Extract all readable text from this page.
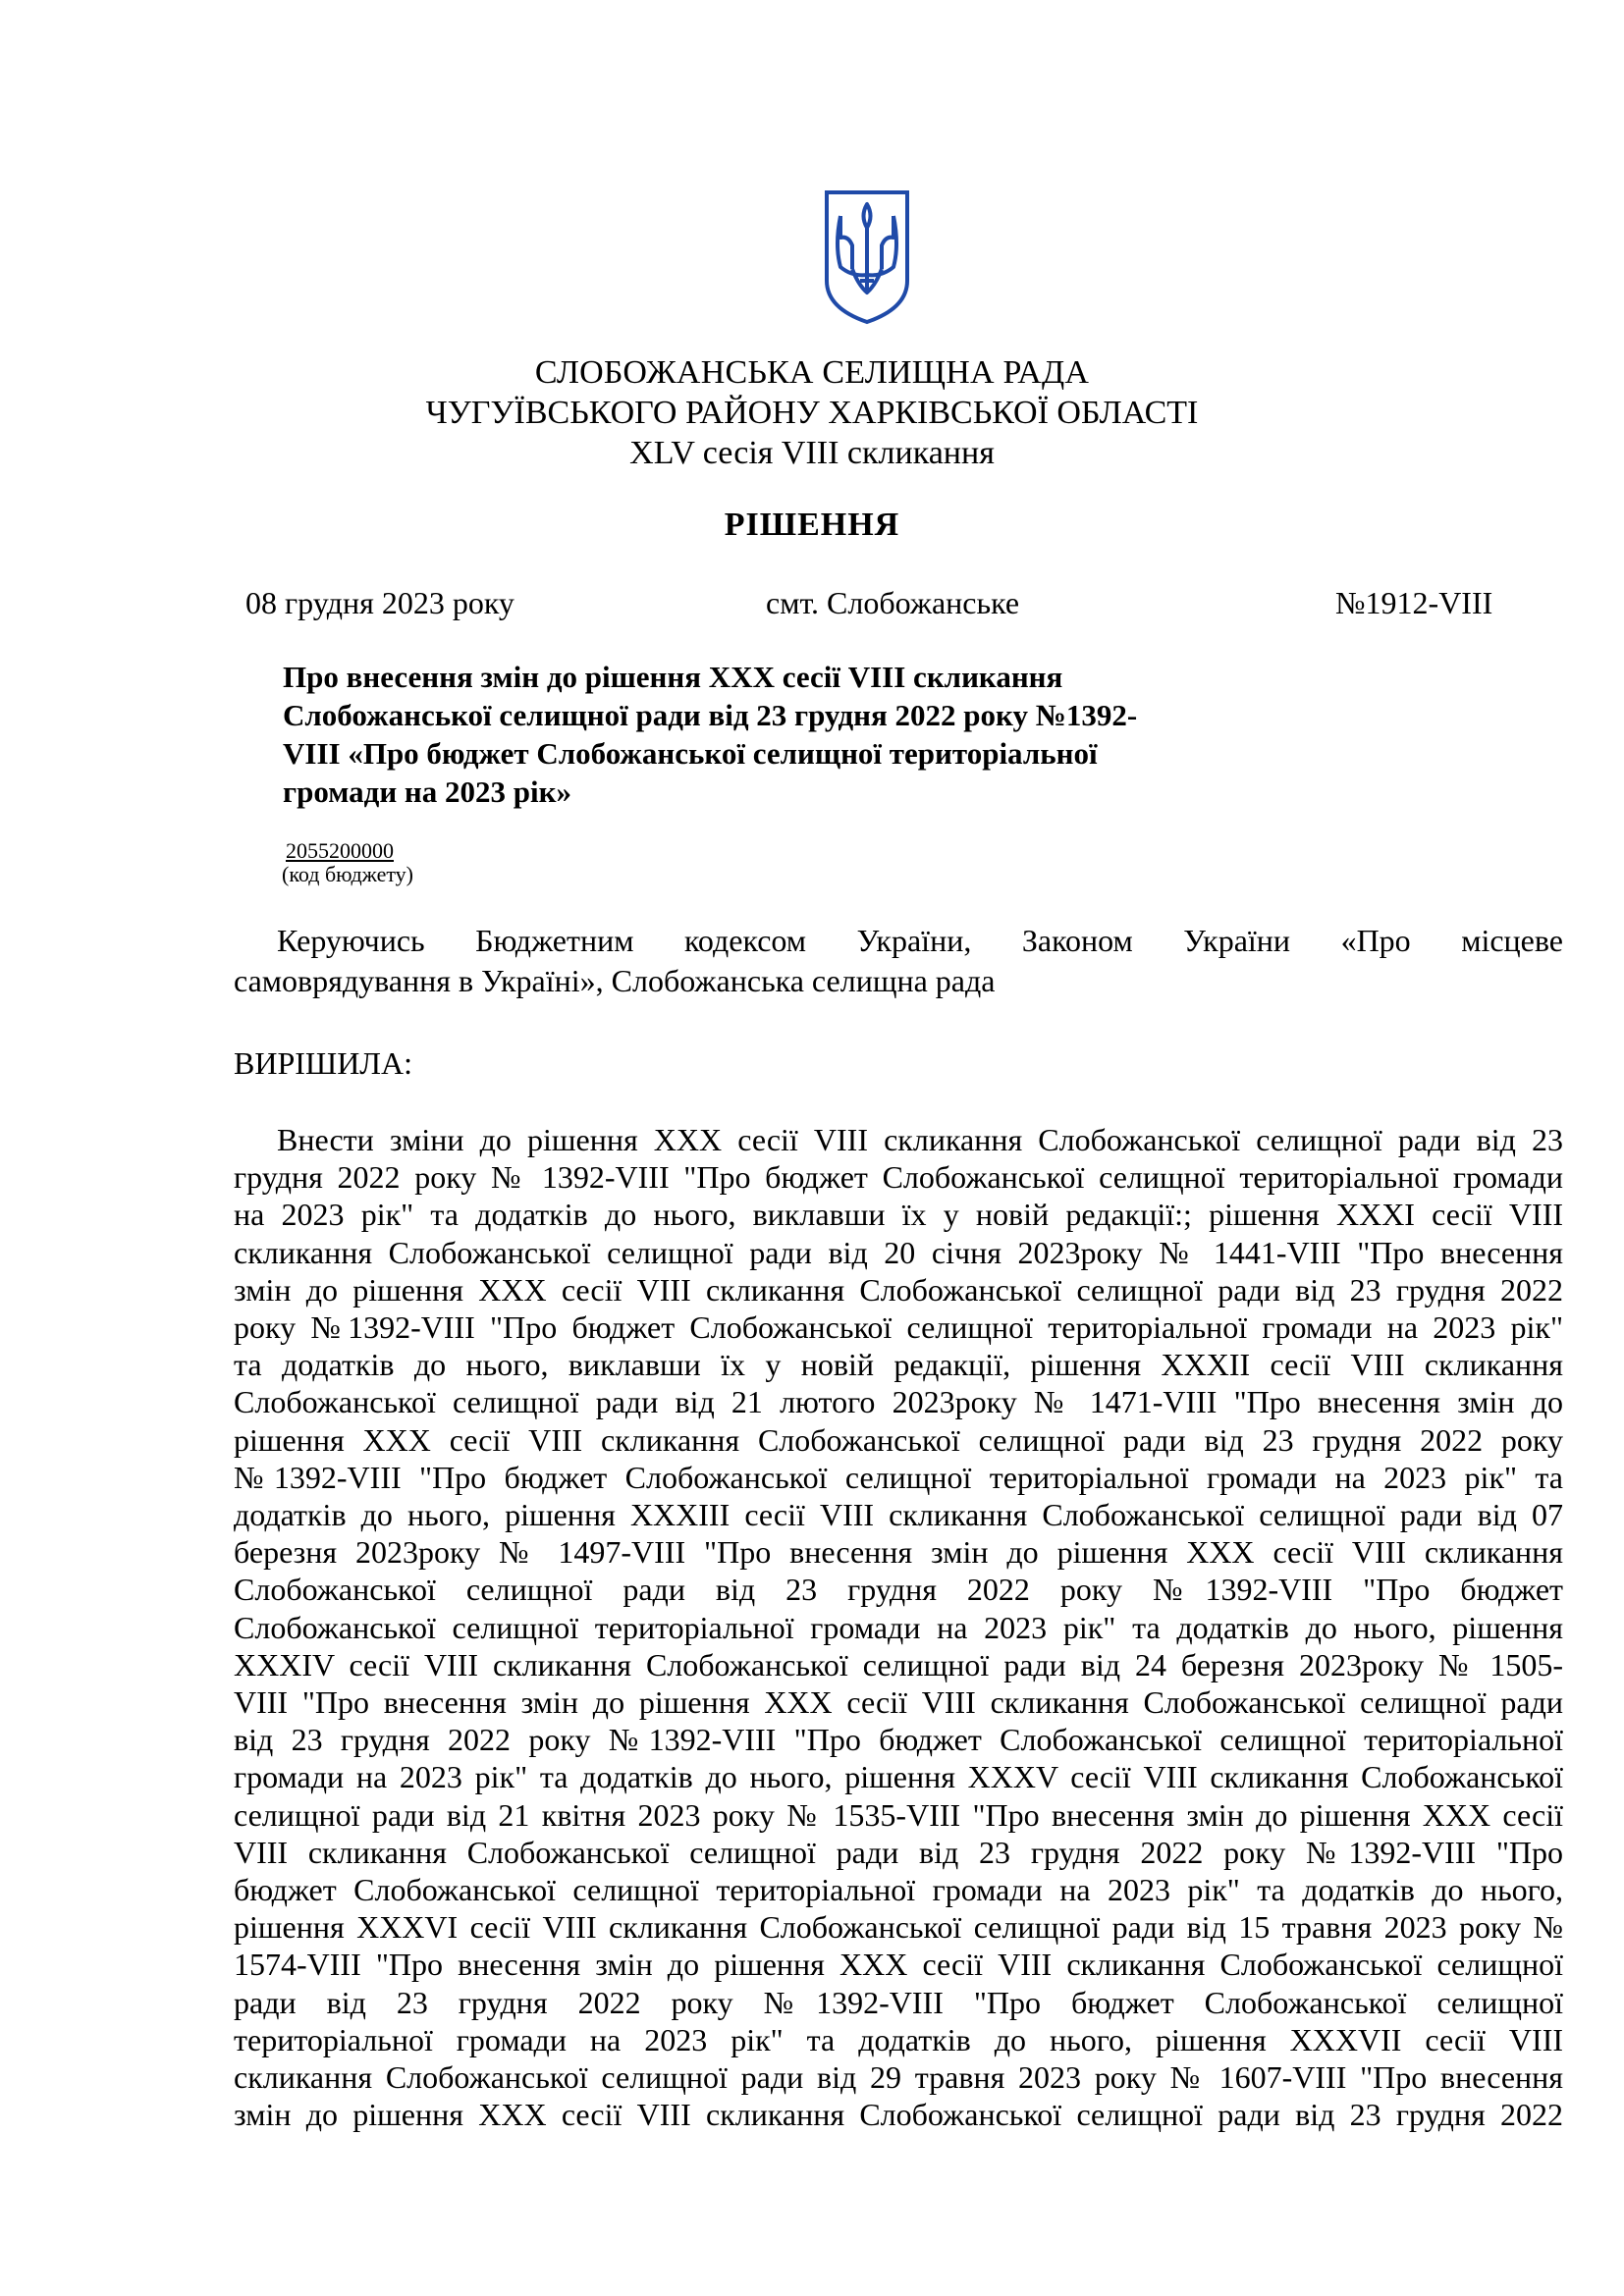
СЛОБОЖАНСЬКА СЕЛИЩНА РАДА
ЧУГУЇВСЬКОГО РАЙОНУ ХАРКІВСЬКОЇ ОБЛАСТІ
XLV сесія VIII скликання
РІШЕННЯ
08 грудня 2023 року	смт. Слобожанське	№1912-VIII
Про внесення змін до рішення ХХХ сесії VIII скликання
Слобожанської селищної ради від 23 грудня 2022 року №1392-
VIII «Про бюджет Слобожанської селищної територіальної
громади на 2023 рік»
2055200000
(код бюджету)
Керуючись Бюджетним кодексом України, Законом України «Про місцеве
самоврядування в Україні», Слобожанська селищна рада
ВИРІШИЛА:
Внести зміни до рішення ХХХ сесії VIII скликання Слобожанської селищної ради від 23
грудня 2022 року № 1392-VIII "Про бюджет Слобожанської селищної територіальної громади
на 2023 рік" та додатків до нього, виклавши їх у новій редакції:; рішення XXXI сесії VIII
скликання Слобожанської селищної ради від 20 січня 2023року № 1441-VIII "Про внесення
змін до рішення ХХХ сесії VIII скликання Слобожанської селищної ради від 23 грудня 2022
року №1392-VIII "Про бюджет Слобожанської селищної територіальної громади на 2023 рік"
та додатків до нього, виклавши їх у новій редакції, рішення XXXII сесії VIII скликання
Слобожанської селищної ради від 21 лютого 2023року № 1471-VIII "Про внесення змін до
рішення ХХХ сесії VIII скликання Слобожанської селищної ради від 23 грудня 2022 року
№1392-VIII "Про бюджет Слобожанської селищної територіальної громади на 2023 рік" та
додатків до нього, рішення XXXIII сесії VIII скликання Слобожанської селищної ради від 07
березня 2023року № 1497-VIII "Про внесення змін до рішення ХХХ сесії VIII скликання
Слобожанської селищної ради від 23 грудня 2022 року №1392-VIII "Про бюджет
Слобожанської селищної територіальної громади на 2023 рік" та додатків до нього, рішення
XXXIV сесії VIII скликання Слобожанської селищної ради від 24 березня 2023року № 1505-
VIII "Про внесення змін до рішення ХХХ сесії VIII скликання Слобожанської селищної ради
від 23 грудня 2022 року №1392-VIII "Про бюджет Слобожанської селищної територіальної
громади на 2023 рік" та додатків до нього, рішення XXXV сесії VIII скликання Слобожанської
селищної ради від 21 квітня 2023 року № 1535-VIII "Про внесення змін до рішення ХХХ сесії
VIII скликання Слобожанської селищної ради від 23 грудня 2022 року №1392-VIII "Про
бюджет Слобожанської селищної територіальної громади на 2023 рік" та додатків до нього,
рішення XXXVI сесії VIII скликання Слобожанської селищної ради від 15 травня 2023 року №
1574-VIII "Про внесення змін до рішення ХХХ сесії VIII скликання Слобожанської селищної
ради від 23 грудня 2022 року №1392-VIII "Про бюджет Слобожанської селищної
територіальної громади на 2023 рік" та додатків до нього, рішення XXXVII сесії VIII
скликання Слобожанської селищної ради від 29 травня 2023 року № 1607-VIII "Про внесення
змін до рішення ХХХ сесії VIII скликання Слобожанської селищної ради від 23 грудня 2022
